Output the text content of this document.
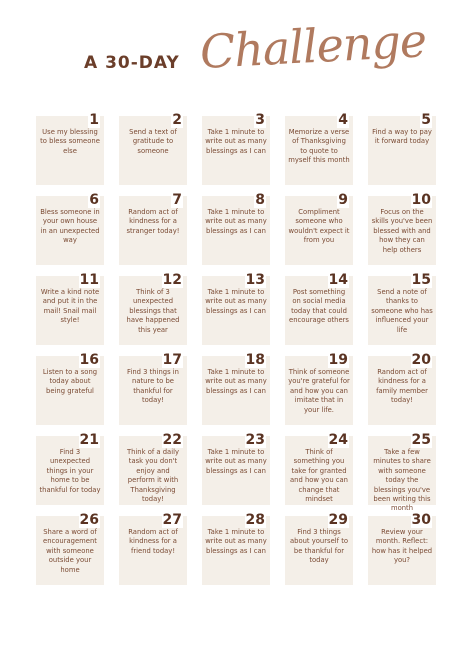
A 30-DAY Challenge
1
Use my blessing to bless someone else
2
Send a text of gratitude to someone
3
Take 1 minute to write out as many blessings as I can
4
Memorize a verse of Thanksgiving to quote to myself this month
5
Find a way to pay it forward today
6
Bless someone in your own house in an unexpected way
7
Random act of kindness for a stranger today!
8
Take 1 minute to write out as many blessings as I can
9
Compliment someone who wouldn't expect it from you
10
Focus on the skills you've been blessed with and how they can help others
11
Write a kind note and put it in the mail! Snail mail style!
12
Think of 3 unexpected blessings that have happened this year
13
Take 1 minute to write out as many blessings as I can
14
Post something on social media today that could encourage others
15
Send a note of thanks to someone who has influenced your life
16
Listen to a song today about being grateful
17
Find 3 things in nature to be thankful for today!
18
Take 1 minute to write out as many blessings as I can
19
Think of someone you're grateful for and how you can imitate that in your life.
20
Random act of kindness for a family member today!
21
Find 3 unexpected things in your home to be thankful for today
22
Think of a daily task you don't enjoy and perform it with Thanksgiving today!
23
Take 1 minute to write out as many blessings as I can
24
Think of something you take for granted and how you can change that mindset
25
Take a few minutes to share with someone today the blessings you've been writing this month
26
Share a word of encouragement with someone outside your home
27
Random act of kindness for a friend today!
28
Take 1 minute to write out as many blessings as I can
29
Find 3 things about yourself to be thankful for today
30
Review your month. Reflect: how has it helped you?
